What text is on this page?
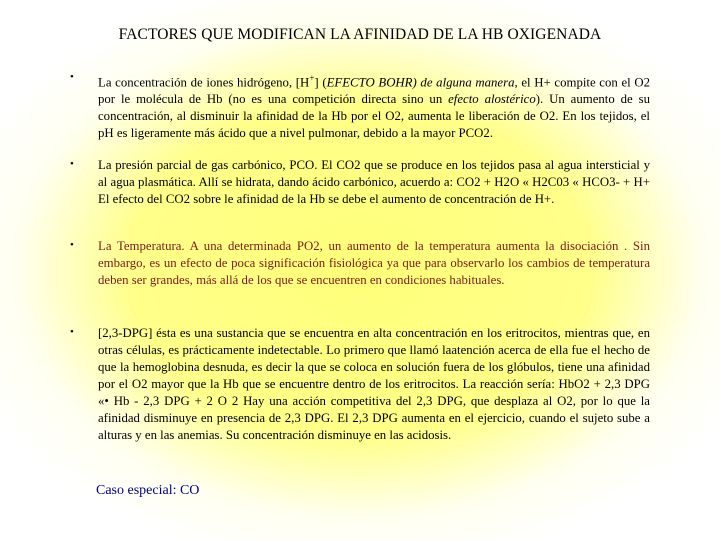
FACTORES QUE MODIFICAN LA AFINIDAD DE LA HB OXIGENADA
• La concentración de iones hidrógeno, [H+] (EFECTO BOHR) de alguna manera, el H+ compite con el O2 por le molécula de Hb (no es una competición directa sino un efecto alostérico). Un aumento de su concentración, al disminuir la afinidad de la Hb por el O2, aumenta le liberación de O2. En los tejidos, el pH es ligeramente más ácido que a nivel pulmonar, debido a la mayor PCO2.
• La presión parcial de gas carbónico, PCO. El CO2 que se produce en los tejidos pasa al agua intersticial y al agua plasmática. Allí se hidrata, dando ácido carbónico, acuerdo a: CO2 + H2O « H2C03 « HCO3- + H+ El efecto del CO2 sobre le afinidad de la Hb se debe el aumento de concentración de H+.
• La Temperatura. A una determinada PO2, un aumento de la temperatura aumenta la disociación . Sin embargo, es un efecto de poca significación fisiológica ya que para observarlo los cambios de temperatura deben ser grandes, más allá de los que se encuentren en condiciones habituales.
• [2,3-DPG] ésta es una sustancia que se encuentra en alta concentración en los eritrocitos, mientras que, en otras células, es prácticamente indetectable. Lo primero que llamó laatención acerca de ella fue el hecho de que la hemoglobina desnuda, es decir la que se coloca en solución fuera de los glóbulos, tiene una afinidad por el O2 mayor que la Hb que se encuentre dentro de los eritrocitos. La reacción sería: HbO2 + 2,3 DPG «• Hb - 2,3 DPG + 2 O 2 Hay una acción competitiva del 2,3 DPG, que desplaza al O2, por lo que la afinidad disminuye en presencia de 2,3 DPG. El 2,3 DPG aumenta en el ejercicio, cuando el sujeto sube a alturas y en las anemias. Su concentración disminuye en las acidosis.
Caso especial: CO
